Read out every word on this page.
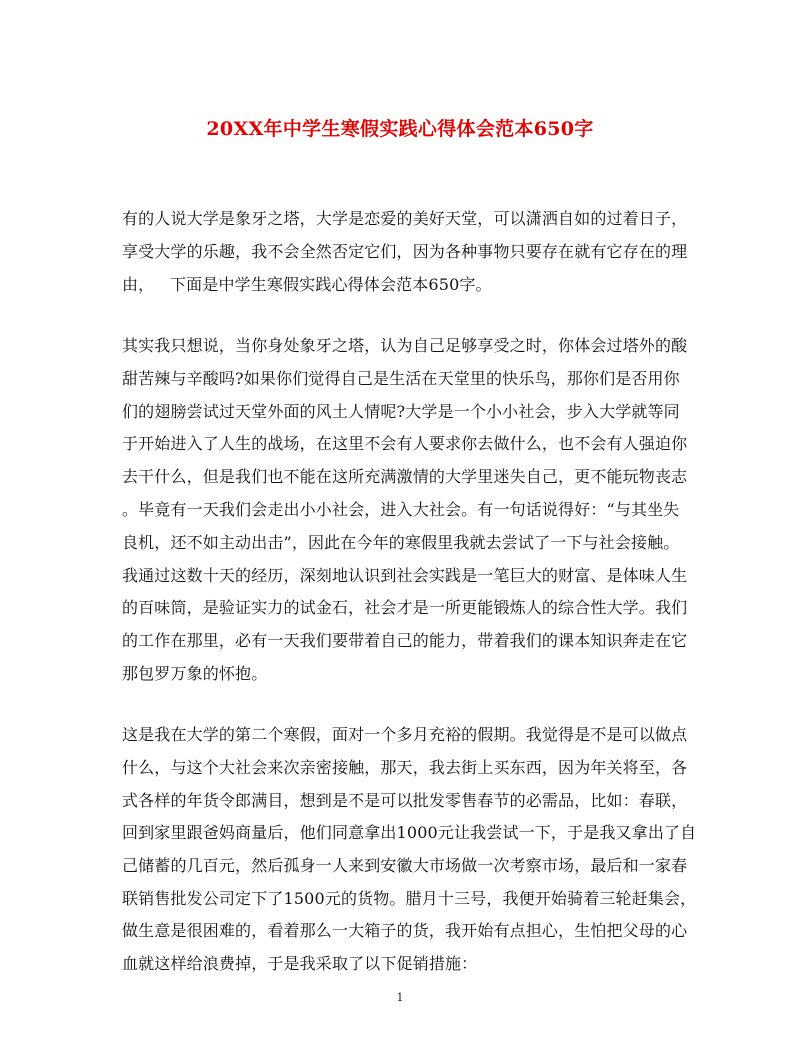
20XX年中学生寒假实践心得体会范本650字
有的人说大学是象牙之塔，大学是恋爱的美好天堂，可以潇洒自如的过着日子，
享受大学的乐趣，我不会全然否定它们，因为各种事物只要存在就有它存在的理
由，   下面是中学生寒假实践心得体会范本650字。
其实我只想说，当你身处象牙之塔，认为自己足够享受之时，你体会过塔外的酸
甜苦辣与辛酸吗?如果你们觉得自己是生活在天堂里的快乐鸟，那你们是否用你
们的翅膀尝试过天堂外面的风土人情呢?大学是一个小小社会，步入大学就等同
于开始进入了人生的战场，在这里不会有人要求你去做什么，也不会有人强迫你
去干什么，但是我们也不能在这所充满激情的大学里迷失自己，更不能玩物丧志
。毕竟有一天我们会走出小小社会，进入大社会。有一句话说得好：“与其坐失
良机，还不如主动出击”，因此在今年的寒假里我就去尝试了一下与社会接触。
我通过这数十天的经历，深刻地认识到社会实践是一笔巨大的财富、是体味人生
的百味筒，是验证实力的试金石，社会才是一所更能锻炼人的综合性大学。我们
的工作在那里，必有一天我们要带着自己的能力，带着我们的课本知识奔走在它
那包罗万象的怀抱。
这是我在大学的第二个寒假，面对一个多月充裕的假期。我觉得是不是可以做点
什么，与这个大社会来次亲密接触，那天，我去街上买东西，因为年关将至，各
式各样的年货令郎满目，想到是不是可以批发零售春节的必需品，比如：春联，
回到家里跟爸妈商量后，他们同意拿出1000元让我尝试一下，于是我又拿出了自
己储蓄的几百元，然后孤身一人来到安徽大市场做一次考察市场，最后和一家春
联销售批发公司定下了1500元的货物。腊月十三号，我便开始骑着三轮赶集会，
做生意是很困难的，看着那么一大箱子的货，我开始有点担心，生怕把父母的心
血就这样给浪费掉，于是我采取了以下促销措施：
1
